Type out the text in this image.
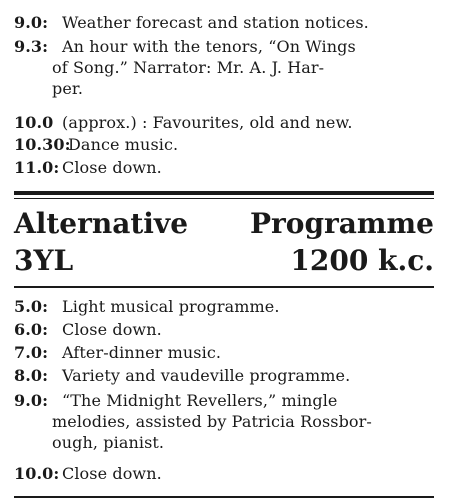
9.0: Weather forecast and station notices.
9.3: An hour with the tenors, “On Wings
of Song.” Narrator: Mr. A. J. Har-
per.
10.0 (approx.) : Favourites, old and new.
10.30:Dance music.
11.0: Close down.
Alternative Programme
3YL	1200 k.c.
5.0: Light musical programme.
6.0: Close down.
7.0: After-dinner music.
8.0: Variety and vaudeville programme.
9.0: “The Midnight Revellers,” mingle
melodies, assisted by Patricia Rossbor-
ough, pianist.
10.0: Close down.
